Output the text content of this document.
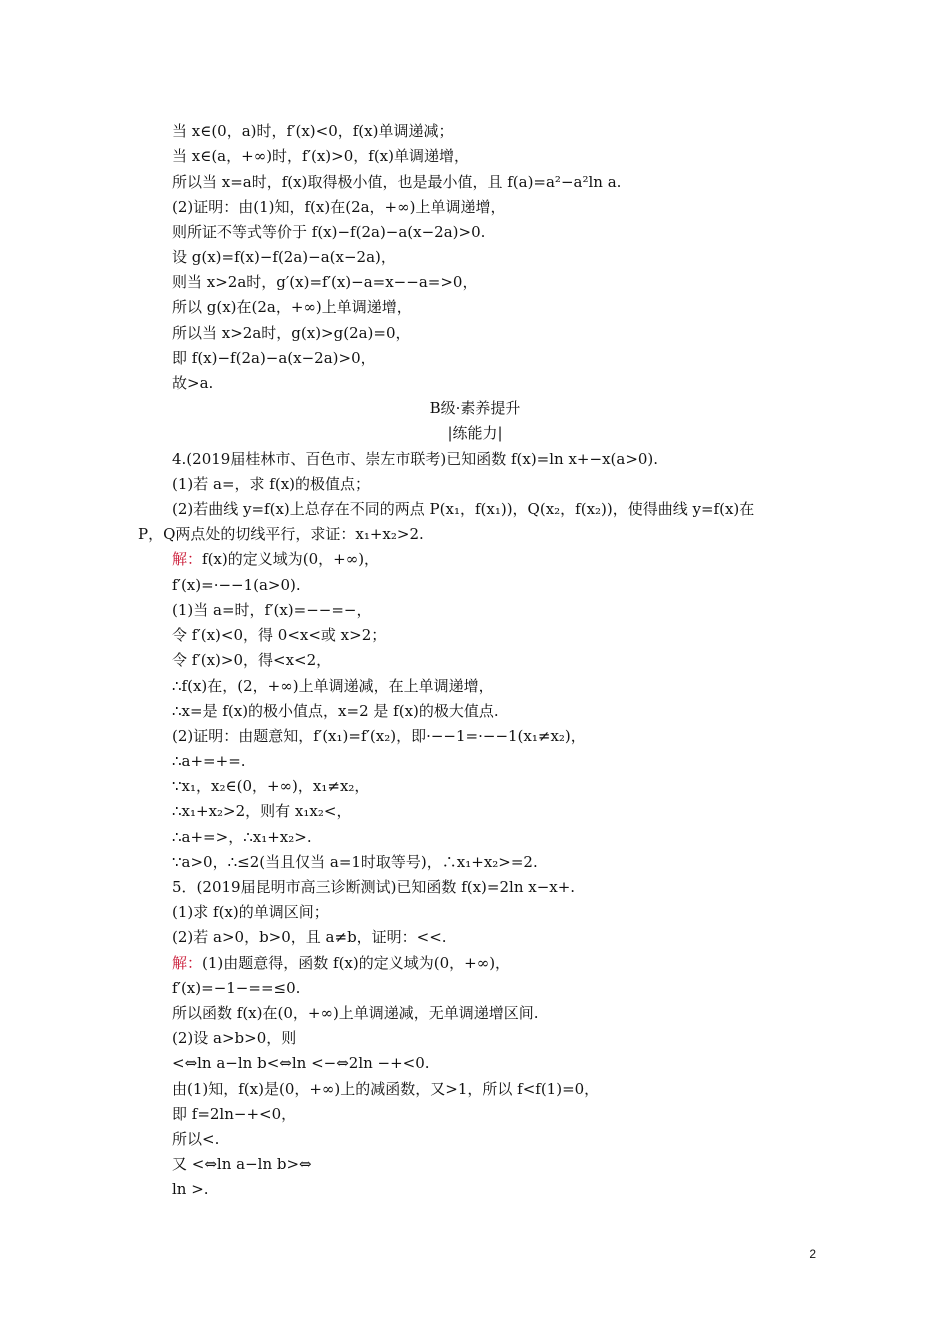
当 x∈(0，a)时，f′(x)<0，f(x)单调递减；
当 x∈(a，+∞)时，f′(x)>0，f(x)单调递增，
所以当 x=a时，f(x)取得极小值，也是最小值，且 f(a)=a²−a²ln a.
(2)证明：由(1)知，f(x)在(2a，+∞)上单调递增，
则所证不等式等价于 f(x)−f(2a)−a(x−2a)>0.
设 g(x)=f(x)−f(2a)−a(x−2a)，
则当 x>2a时，g′(x)=f′(x)−a=x−−a=>0，
所以 g(x)在(2a，+∞)上单调递增，
所以当 x>2a时，g(x)>g(2a)=0，
即 f(x)−f(2a)−a(x−2a)>0，
故>a.
B级·素养提升
|练能力|
4.(2019届桂林市、百色市、崇左市联考)已知函数 f(x)=ln x+−x(a>0).
(1)若 a=，求 f(x)的极值点；
(2)若曲线 y=f(x)上总存在不同的两点 P(x₁，f(x₁))，Q(x₂，f(x₂))，使得曲线 y=f(x)在
P，Q两点处的切线平行，求证：x₁+x₂>2.
解：f(x)的定义域为(0，+∞)，
f′(x)=·−−1(a>0).
(1)当 a=时，f′(x)=−−=−，
令 f′(x)<0，得 0<x<或 x>2；
令 f′(x)>0，得<x<2，
∴f(x)在，(2，+∞)上单调递减，在上单调递增，
∴x=是 f(x)的极小值点，x=2 是 f(x)的极大值点.
(2)证明：由题意知，f′(x₁)=f′(x₂)，即·−−1=·−−1(x₁≠x₂)，
∴a+=+=.
∵x₁，x₂∈(0，+∞)，x₁≠x₂，
∴x₁+x₂>2，则有 x₁x₂<，
∴a+=>，∴x₁+x₂>.
∵a>0，∴≤2(当且仅当 a=1时取等号)，∴x₁+x₂>=2.
5．(2019届昆明市高三诊断测试)已知函数 f(x)=2ln x−x+.
(1)求 f(x)的单调区间；
(2)若 a>0，b>0，且 a≠b，证明：<<.
解：(1)由题意得，函数 f(x)的定义域为(0，+∞)，
f′(x)=−1−==≤0.
所以函数 f(x)在(0，+∞)上单调递减，无单调递增区间.
(2)设 a>b>0，则
<⇔ln a−ln b<⇔ln <−⇔2ln −+<0.
由(1)知，f(x)是(0，+∞)上的减函数，又>1，所以 f<f(1)=0，
即 f=2ln−+<0，
所以<.
又 <⇔ln a−ln b>⇔
ln >.
2
